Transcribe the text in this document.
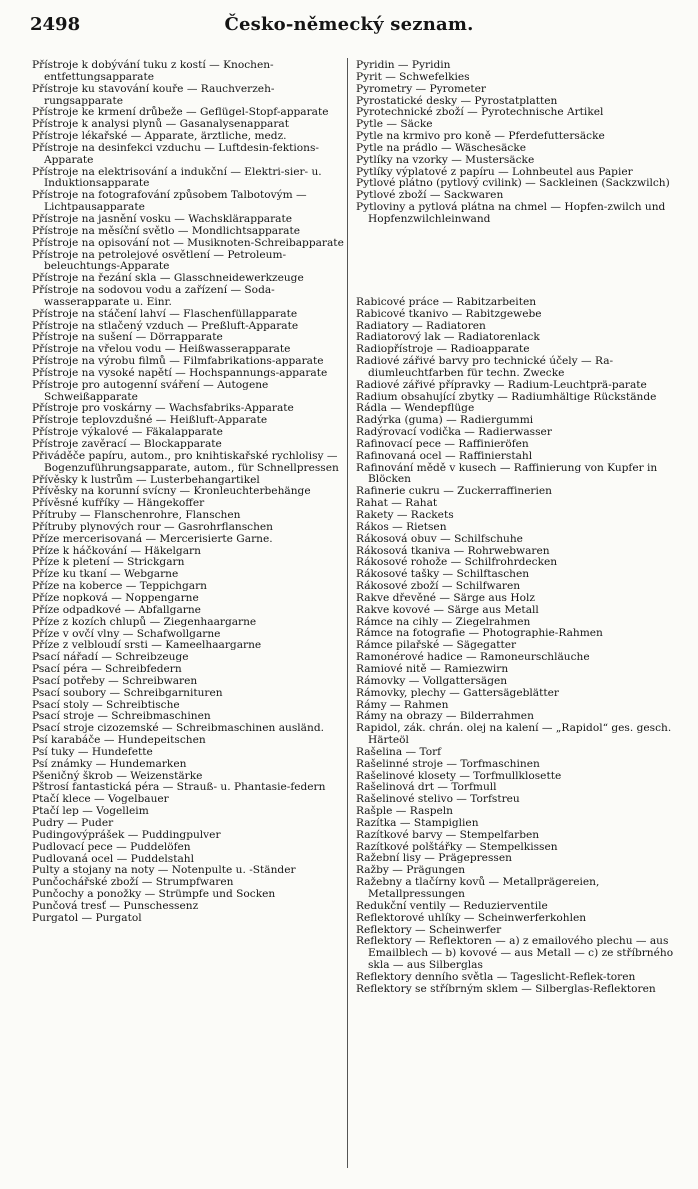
2498	Česko-německý seznam.
Přístroje k dobývání tuku z kostí — Knochen-entfettungsapparate
Přístroje ku stavování kouře — Rauchverzeh-rungsapparate
Přístroje ke krmení drůbeže — Geflügel-Stopf-apparate
Přístroje k analysi plynů — Gasanalysenapparat
Přístroje lékařské — Apparate, ärztliche, medz.
Přístroje na desinfekci vzduchu — Luftdesin-fektions-Apparate
Přístroje na elektrisování a indukční — Elektri-sier- u. Induktionsapparate
Přístroje na fotografování způsobem Talbotovým — Lichtpausapparate
Přístroje na jasnění vosku — Wachsklärapparate
Přístroje na měsíční světlo — Mondlichtsapparate
Přístroje na opisování not — Musiknoten-Schreibapparate
Přístroje na petrolejové osvětlení — Petroleum-beleuchtungs-Apparate
Přístroje na řezání skla — Glasschneidewerkzeuge
Přístroje na sodovou vodu a zařízení — Soda-wasserapparate u. Einr.
Přístroje na stáčení lahví — Flaschenfüllapparate
Přístroje na stlačený vzduch — Preßluft-Apparate
Přístroje na sušení — Dörrapparate
Přístroje na vřelou vodu — Heißwasserapparate
Přístroje na výrobu filmů — Filmfabrikations-apparate
Přístroje na vysoké napětí — Hochspannungs-apparate
Přístroje pro autogenní sváření — Autogene Schweißapparate
Přístroje pro voskárny — Wachsfabriks-Apparate
Přístroje teplovzdušné — Heißluft-Apparate
Přístroje výkalové — Fäkalapparate
Přístroje zavěrací — Blockapparate
Přiváděče papíru, autom., pro knihtiskařské rychlolisy — Bogenzuführungsapparate, autom., für Schnellpressen
Přívěsky k lustrům — Lusterbehangartikel
Přívěsky na korunní svícny — Kronleuchterbehänge
Přívěsné kufříky — Hängekoffer
Přítruby — Flanschenrohre, Flanschen
Přítruby plynových rour — Gasrohrflanschen
Příze mercerisovaná — Mercerisierte Garne.
Příze k háčkování — Häkelgarn
Příze k pletení — Strickgarn
Příze ku tkaní — Webgarne
Příze na koberce — Teppichgarn
Příze nopková — Noppengarne
Příze odpadkové — Abfallgarne
Příze z kozích chlupů — Ziegenhaargarne
Příze v ovčí vlny — Schafwollgarne
Příze z velbloudí srsti — Kameelhaargarne
Psací nářadí — Schreibzeuge
Psací péra — Schreibfedern
Psací potřeby — Schreibwaren
Psací soubory — Schreibgarnituren
Psací stoly — Schreibtische
Psací stroje — Schreibmaschinen
Psací stroje cizozemské — Schreibmaschinen ausländ.
Psí karabáče — Hundepeitschen
Psí tuky — Hundefette
Psí známky — Hundemarken
Pšeničný škrob — Weizenstärke
Pštrosí fantastická péra — Strauß- u. Phantasie-federn
Ptačí klece — Vogelbauer
Ptačí lep — Vogelleim
Pudry — Puder
Pudingovýprášek — Puddingpulver
Pudlovací pece — Puddelöfen
Pudlovaná ocel — Puddelstahl
Pulty a stojany na noty — Notenpulte u. -Ständer
Punčochářské zboží — Strumpfwaren
Punčochy a ponožky — Strümpfe und Socken
Punčová tresť — Punschessenz
Purgatol — Purgatol
Pyridin — Pyridin
Pyrit — Schwefelkies
Pyrometry — Pyrometer
Pyrostatické desky — Pyrostatplatten
Pyrotechnické zboží — Pyrotechnische Artikel
Pytle — Säcke
Pytle na krmivo pro koně — Pferdefuttersäcke
Pytle na prádlo — Wäschesäcke
Pytlíky na vzorky — Mustersäcke
Pytlíky výplatové z papíru — Lohnbeutel aus Papier
Pytlové plátno (pytlový cvilink) — Sackleinen (Sackzwilch)
Pytlové zboží — Sackwaren
Pytloviny a pytlová plátna na chmel — Hopfen-zwilch und Hopfenzwilchleinwand
Rabicové práce — Rabitzarbeiten
Rabicové tkanivo — Rabitzgewebe
Radiatory — Radiatoren
Radiatorový lak — Radiatorenlack
Radiopřístroje — Radioapparate
Radiové zářivé barvy pro technické účely — Ra-diumleuchtfarben für techn. Zwecke
Radiové zářivé přípravky — Radium-Leuchtprä-parate
Radium obsahující zbytky — Radiumhältige Rückstände
Rádla — Wendepflüge
Radýrka (guma) — Radiergummi
Radýrovací vodička — Radierwasser
Rafinovací pece — Raffinieröfen
Rafinovaná ocel — Raffinierstahl
Rafinování mědě v kusech — Raffinierung von Kupfer in Blöcken
Rafinerie cukru — Zuckerraffinerien
Rahat — Rahat
Rakety — Rackets
Rákos — Rietsen
Rákosová obuv — Schilfschuhe
Rákosová tkaniva — Rohrwebwaren
Rákosové rohože — Schilfrohrdecken
Rákosové tašky — Schilftaschen
Rákosové zboží — Schilfwaren
Rakve dřevěné — Särge aus Holz
Rakve kovové — Särge aus Metall
Rámce na cihly — Ziegelrahmen
Rámce na fotografie — Photographie-Rahmen
Rámce pilařské — Sägegatter
Ramonérové hadice — Ramoneurschläuche
Ramiové nitě — Ramiezwirn
Rámovky — Vollgattersägen
Rámovky, plechy — Gattersägeblätter
Rámy — Rahmen
Rámy na obrazy — Bilderrahmen
Rapidol, zák. chrán. olej na kalení — „Rapidol“ ges. gesch. Härteöl
Rašelina — Torf
Rašelinné stroje — Torfmaschinen
Rašelinové klosety — Torfmullklosette
Rašelinová drt — Torfmull
Rašelinové stelivo — Torfstreu
Rašple — Raspeln
Razítka — Stampiglien
Razítkové barvy — Stempelfarben
Razítkové polštářky — Stempelkissen
Ražební lisy — Prägepressen
Ražby — Prägungen
Ražebny a tlačírny kovů — Metallprägereien, Metallpressungen
Redukční ventily — Reduzierventile
Reflektorové uhlíky — Scheinwerferkohlen
Reflektory — Scheinwerfer
Reflektory — Reflektoren — a) z emailového plechu — aus Emailblech — b) kovové — aus Metall — c) ze stříbrného skla — aus Silberglas
Reflektory denního světla — Tageslicht-Reflek-toren
Reflektory se stříbrným sklem — Silberglas-Reflektoren
